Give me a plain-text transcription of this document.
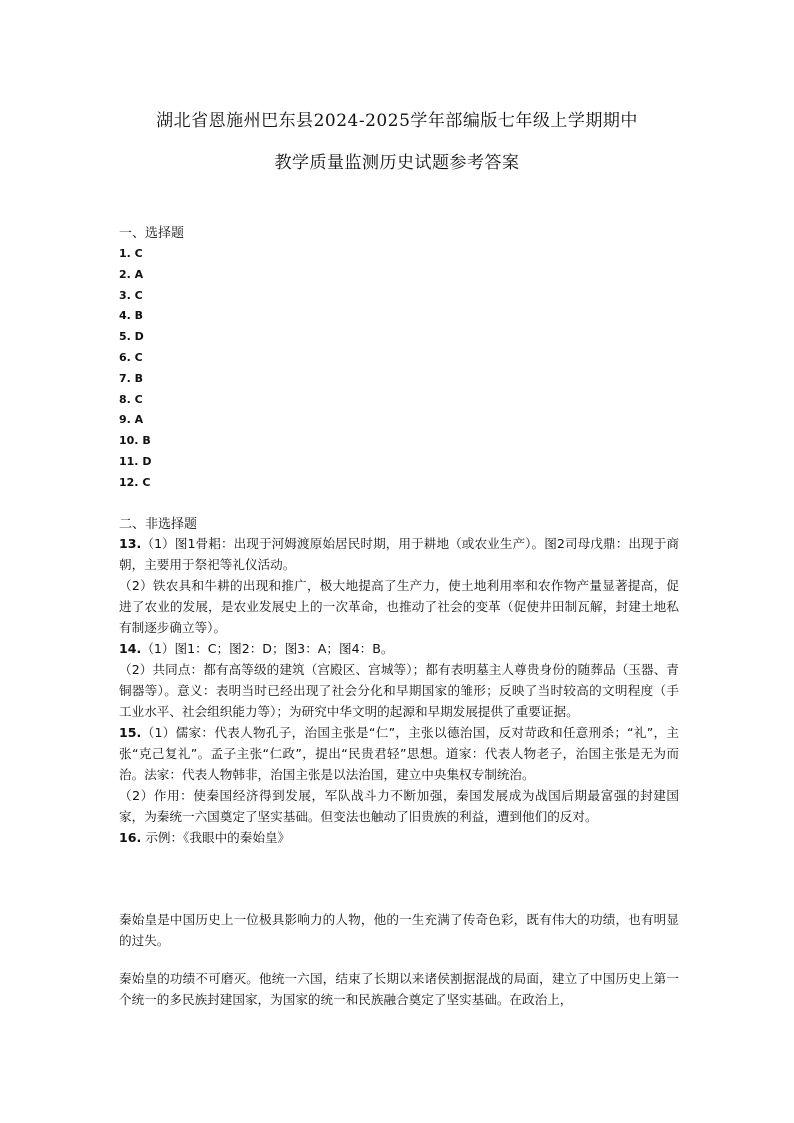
湖北省恩施州巴东县2024-2025学年部编版七年级上学期期中
教学质量监测历史试题参考答案
一、选择题
1. C
2. A
3. C
4. B
5. D
6. C
7. B
8. C
9. A
10. B
11. D
12. C
二、非选择题

13.（1）图1骨耜：出现于河姆渡原始居民时期，用于耕地（或农业生产）。图2司母戊鼎：出现于商朝，主要用于祭祀等礼仪活动。

（2）铁农具和牛耕的出现和推广，极大地提高了生产力，使土地利用率和农作物产量显著提高，促进了农业的发展，是农业发展史上的一次革命，也推动了社会的变革（促使井田制瓦解，封建土地私有制逐步确立等）。

14.（1）图1：C；图2：D；图3：A；图4：B。

（2）共同点：都有高等级的建筑（宫殿区、宫城等）；都有表明墓主人尊贵身份的随葬品（玉器、青铜器等）。意义：表明当时已经出现了社会分化和早期国家的雏形；反映了当时较高的文明程度（手工业水平、社会组织能力等）；为研究中华文明的起源和早期发展提供了重要证据。

15.（1）儒家：代表人物孔子，治国主张是“仁”，主张以德治国，反对苛政和任意刑杀；“礼”，主张“克己复礼”。孟子主张“仁政”，提出“民贵君轻”思想。道家：代表人物老子，治国主张是无为而治。法家：代表人物韩非，治国主张是以法治国，建立中央集权专制统治。

（2）作用：使秦国经济得到发展，军队战斗力不断加强，秦国发展成为战国后期最富强的封建国家，为秦统一六国奠定了坚实基础。但变法也触动了旧贵族的利益，遭到他们的反对。

16. 示例：《我眼中的秦始皇》

秦始皇是中国历史上一位极具影响力的人物，他的一生充满了传奇色彩，既有伟大的功绩，也有明显的过失。
秦始皇的功绩不可磨灭。他统一六国，结束了长期以来诸侯割据混战的局面，建立了中国历史上第一个统一的多民族封建国家，为国家的统一和民族融合奠定了坚实基础。在政治上，
